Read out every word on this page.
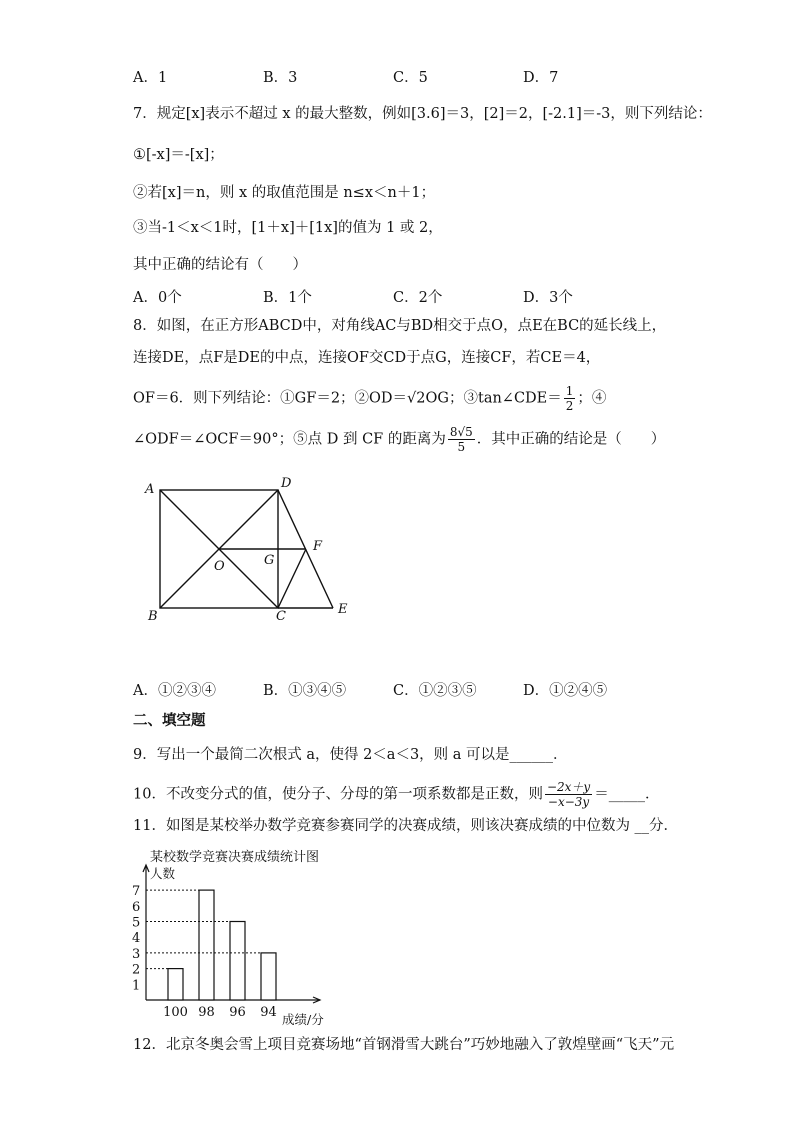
A．1	B．3	C．5	D．7
7．规定[x]表示不超过 x 的最大整数，例如[3.6]＝3，[2]＝2，[-2.1]＝-3，则下列结论：
①[-x]＝-[x]；
②若[x]＝n，则 x 的取值范围是 n≤x＜n＋1；
③当-1＜x＜1时，[1＋x]＋[1x]的值为 1 或 2，
其中正确的结论有（　　）
A．0个	B．1个	C．2个	D．3个
8．如图，在正方形ABCD中，对角线AC与BD相交于点O，点E在BC的延长线上，
连接DE，点F是DE的中点，连接OF交CD于点G，连接CF，若CE＝4，
OF＝6．则下列结论：①GF＝2；②OD＝√2OG；③tan∠CDE＝ $\frac{1}{2}$ ；④
∠ODF＝∠OCF＝90°；⑤点 D 到 CF 的距离为 $\frac{8√5}{5}$ ．其中正确的结论是（　　）
A	D
B	C	E
F
G
O
A．①②③④	B．①③④⑤	C．①②③⑤	D．①②④⑤
二、填空题
9．写出一个最简二次根式 a，使得 2＜a＜3，则 a 可以是______．
10．不改变分式的值，使分子、分母的第一项系数都是正数，则 $\frac{-2x+y}{-x-3y}$ ＝_____．
11．如图是某校举办数学竞赛参赛同学的决赛成绩，则该决赛成绩的中位数为 __分．
某校数学竞赛决赛成绩统计图
1
2
3
4
5
6
7
人数
成绩/分
100 98 96 94
12．北京冬奥会雪上项目竞赛场地“首钢滑雪大跳台”巧妙地融入了敦煌壁画“飞天”元
